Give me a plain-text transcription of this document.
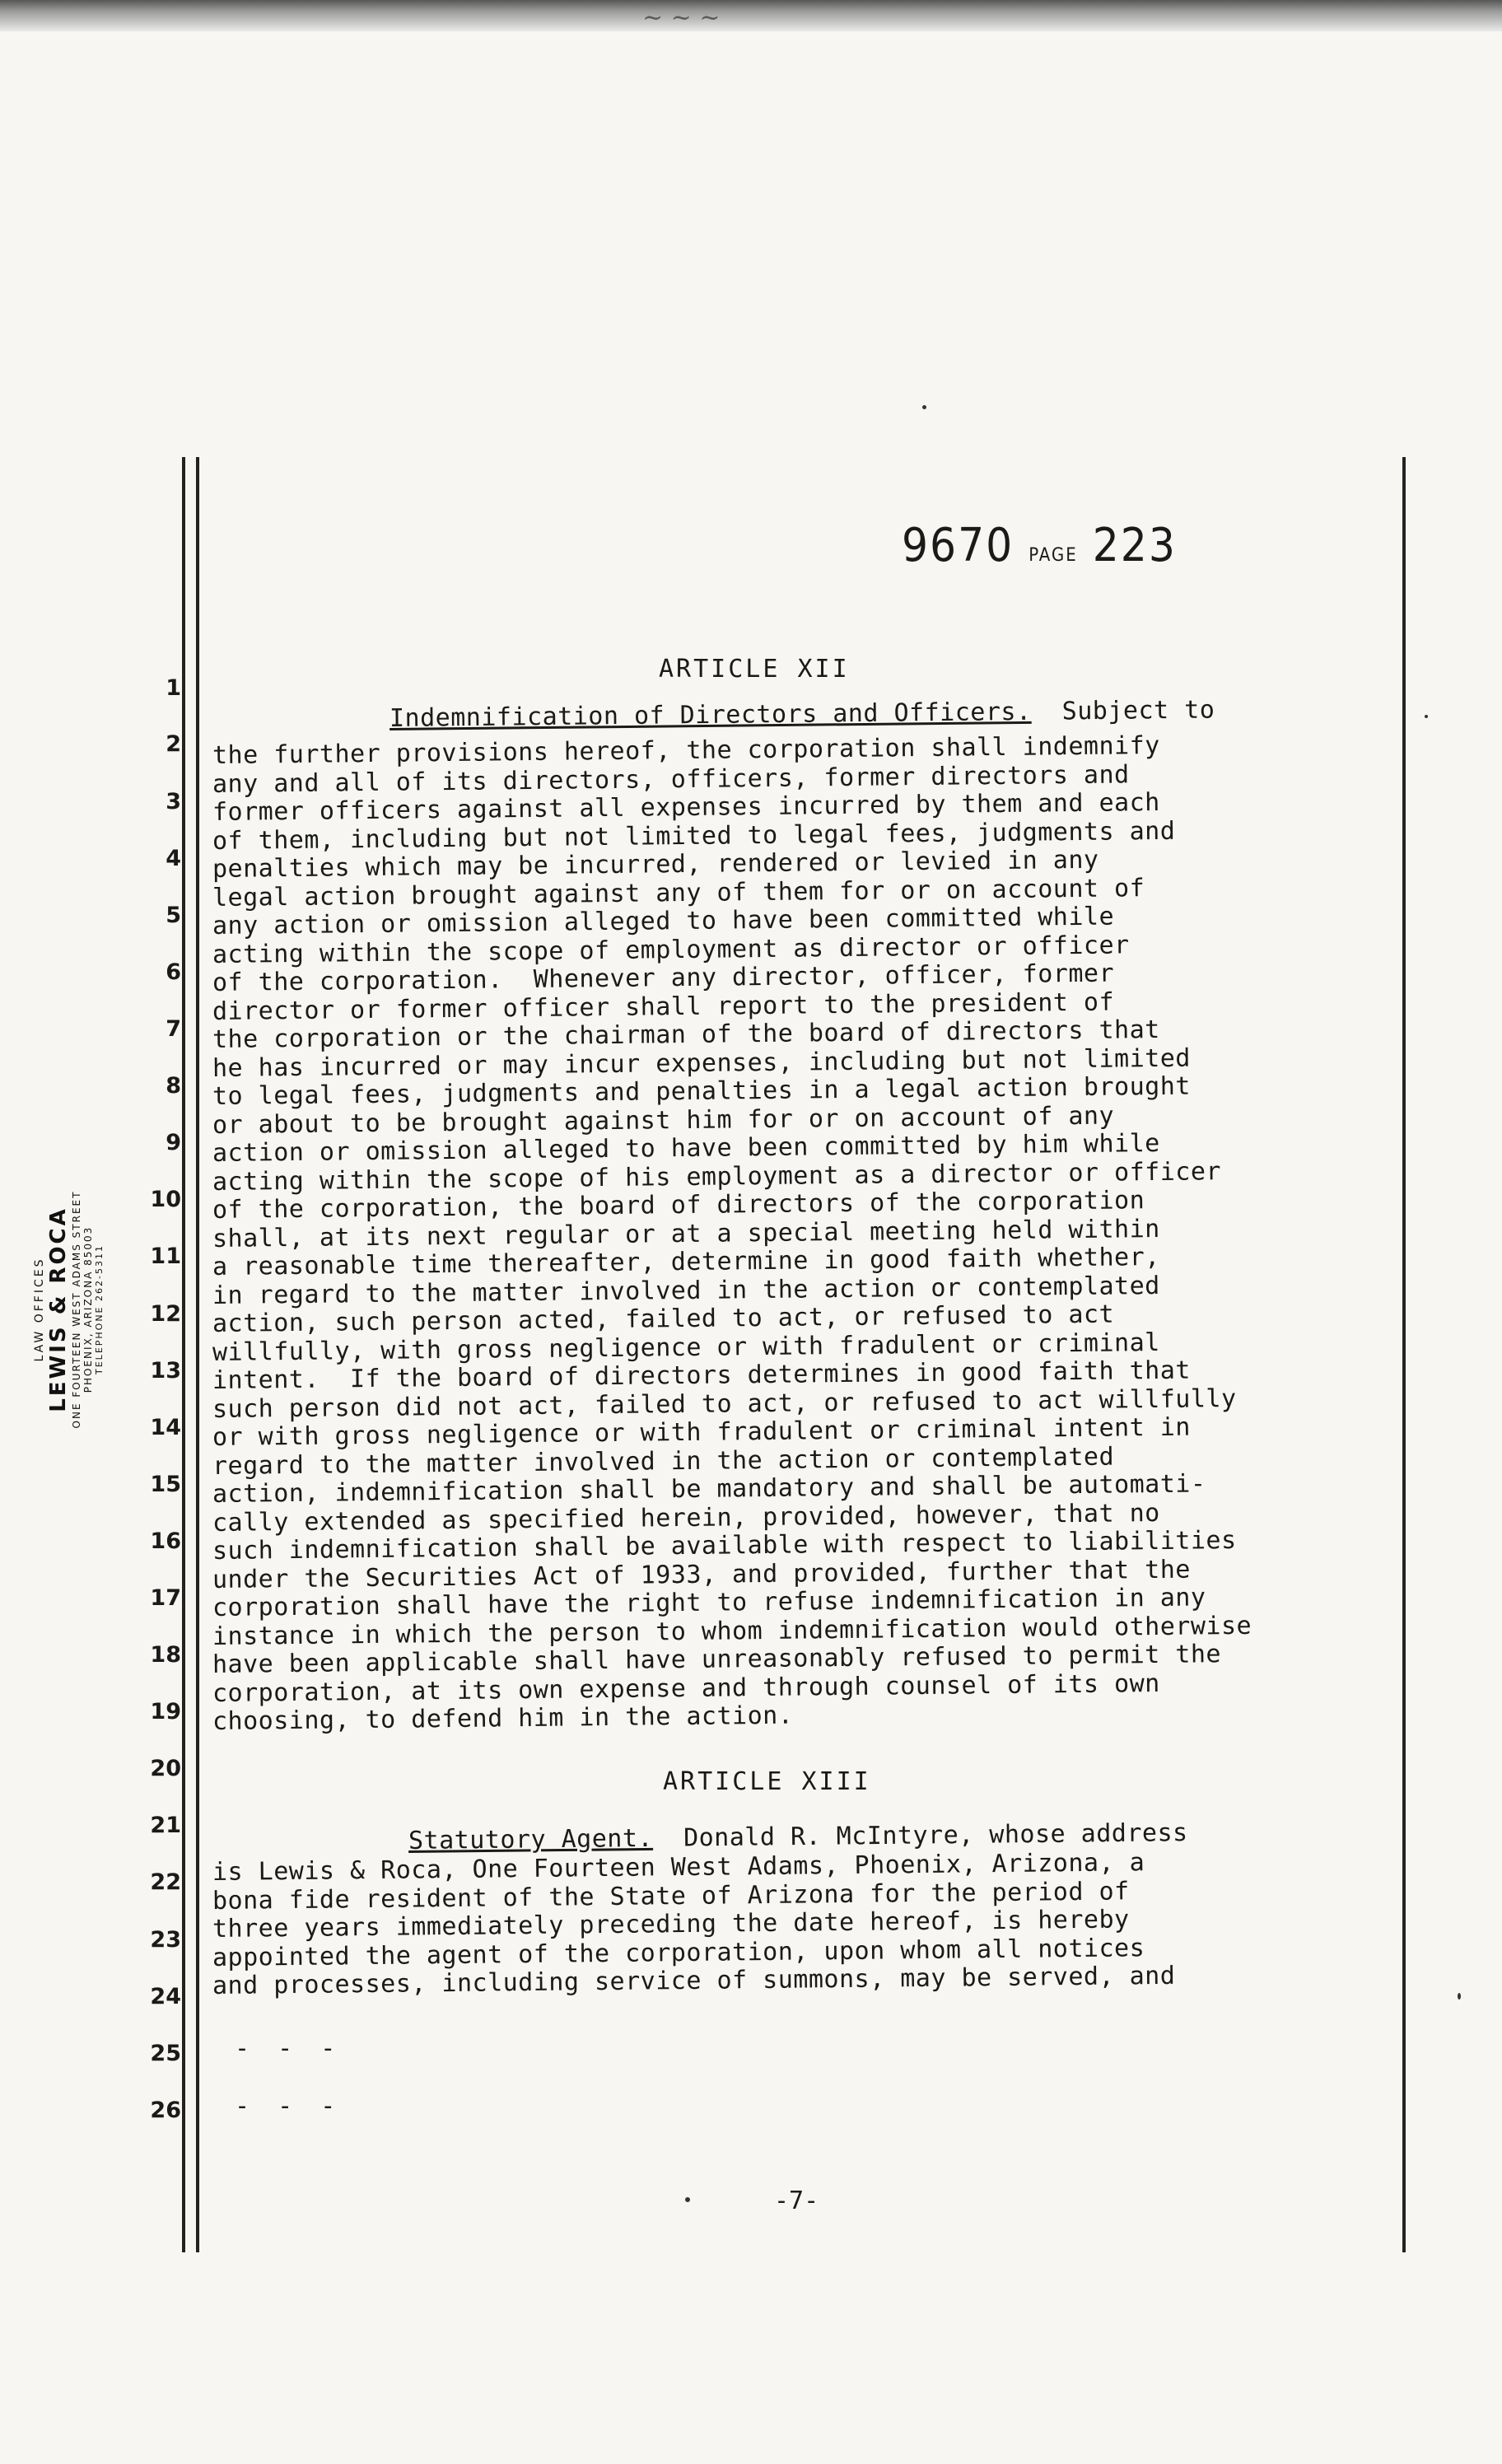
~ ~ ~
9670 PAGE 223
LAW OFFICES LEWIS & ROCA ONE FOURTEEN WEST ADAMS STREET PHOENIX, ARIZONA 85003 TELEPHONE 262-5311
1
2
3
4
5
6
7
8
9
10
11
12
13
14
15
16
17
18
19
20
21
22
23
24
25
26
ARTICLE XII
Indemnification of Directors and Officers.  Subject to
the further provisions hereof, the corporation shall indemnify
any and all of its directors, officers, former directors and
former officers against all expenses incurred by them and each
of them, including but not limited to legal fees, judgments and
penalties which may be incurred, rendered or levied in any
legal action brought against any of them for or on account of
any action or omission alleged to have been committed while
acting within the scope of employment as director or officer
of the corporation.  Whenever any director, officer, former
director or former officer shall report to the president of
the corporation or the chairman of the board of directors that
he has incurred or may incur expenses, including but not limited
to legal fees, judgments and penalties in a legal action brought
or about to be brought against him for or on account of any
action or omission alleged to have been committed by him while
acting within the scope of his employment as a director or officer
of the corporation, the board of directors of the corporation
shall, at its next regular or at a special meeting held within
a reasonable time thereafter, determine in good faith whether,
in regard to the matter involved in the action or contemplated
action, such person acted, failed to act, or refused to act
willfully, with gross negligence or with fradulent or criminal
intent.  If the board of directors determines in good faith that
such person did not act, failed to act, or refused to act willfully
or with gross negligence or with fradulent or criminal intent in
regard to the matter involved in the action or contemplated
action, indemnification shall be mandatory and shall be automati-
cally extended as specified herein, provided, however, that no
such indemnification shall be available with respect to liabilities
under the Securities Act of 1933, and provided, further that the
corporation shall have the right to refuse indemnification in any
instance in which the person to whom indemnification would otherwise
have been applicable shall have unreasonably refused to permit the
corporation, at its own expense and through counsel of its own
choosing, to defend him in the action.
ARTICLE XIII
Statutory Agent.  Donald R. McIntyre, whose address
is Lewis & Roca, One Fourteen West Adams, Phoenix, Arizona, a
bona fide resident of the State of Arizona for the period of
three years immediately preceding the date hereof, is hereby
appointed the agent of the corporation, upon whom all notices
and processes, including service of summons, may be served, and
- - -
- - -
-7-
